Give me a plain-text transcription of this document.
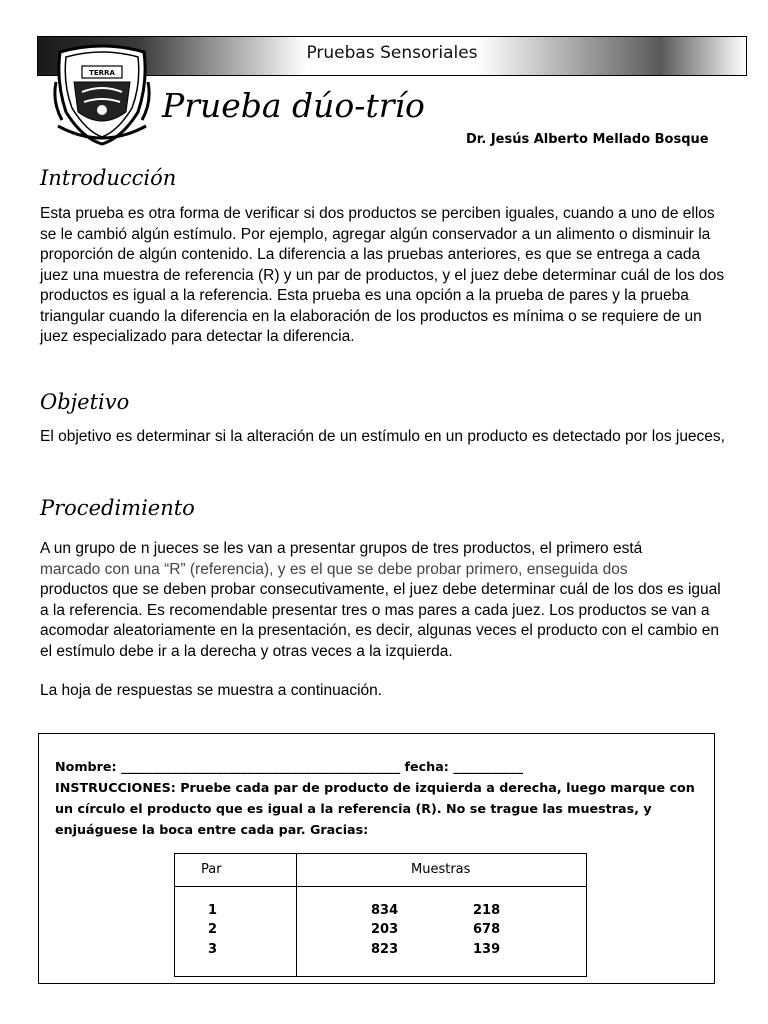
Pruebas Sensoriales
TERRA
Prueba dúo-trío
Dr. Jesús Alberto Mellado Bosque
Introducción
Esta prueba es otra forma de verificar si dos productos se perciben iguales, cuando a uno de ellos se le cambió algún estímulo. Por ejemplo, agregar algún conservador a un alimento o disminuir la proporción de algún contenido. La diferencia a las pruebas anteriores, es que se entrega a cada juez una muestra de referencia (R) y un par de productos, y el juez debe determinar cuál de los dos productos es igual a la referencia. Esta prueba es una opción a la prueba de pares y la prueba triangular cuando la diferencia en la elaboración de los productos es mínima o se requiere de un juez especializado para detectar la diferencia.
Objetivo
El objetivo es determinar si la alteración de un estímulo en un producto es detectado por los jueces,
Procedimiento
A un grupo de n jueces se les van a presentar grupos de tres productos, el primero está
marcado con una “R” (referencia), y es el que se debe probar primero, enseguida dos
productos que se deben probar consecutivamente, el juez debe determinar cuál de los dos es igual a la referencia. Es recomendable presentar tres o mas pares a cada juez. Los productos se van a acomodar aleatoriamente en la presentación, es decir, algunas veces el producto con el cambio en el estímulo debe ir a la derecha y otras veces a la izquierda.
La hoja de respuestas se muestra a continuación.
Nombre: ____________________________________________ fecha: ___________
INSTRUCCIONES: Pruebe cada par de producto de izquierda a derecha, luego marque con un círculo el producto que es igual a la referencia (R). No se trague las muestras, y enjuáguese la boca entre cada par. Gracias:
Par	Muestras
1	834	218
2	203	678
3	823	139
